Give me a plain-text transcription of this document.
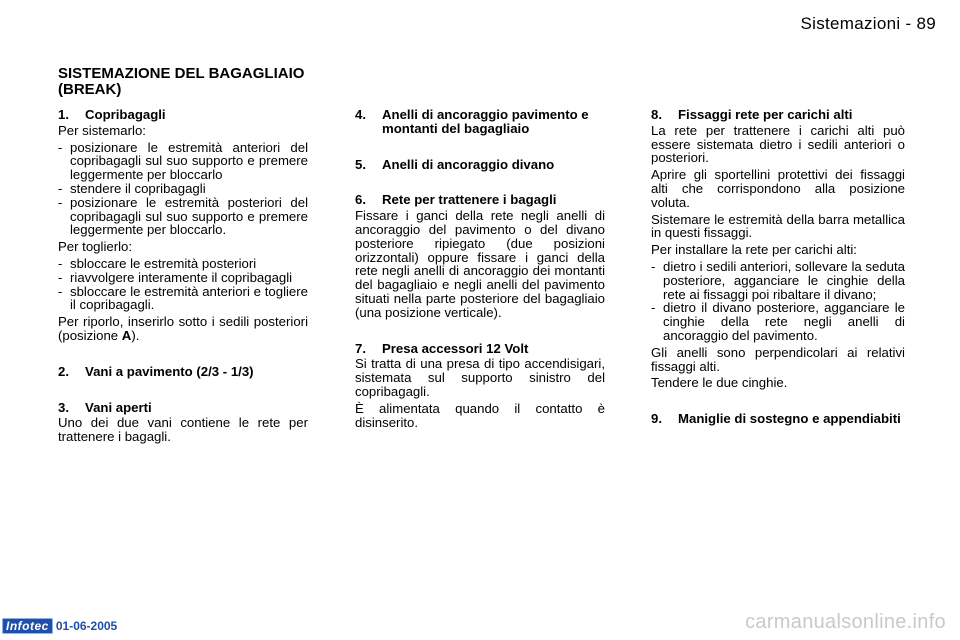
Sistemazioni - 89
SISTEMAZIONE DEL BAGAGLIAIO (BREAK)
1.	Copribagagli

Per sistemarlo:

- posizionare le estremità anteriori del copribagagli sul suo supporto e premere leggermente per bloccarlo
- stendere il copribagagli
- posizionare le estremità posteriori del copribagagli sul suo supporto e premere leggermente per bloccarlo.

Per toglierlo:

- sbloccare le estremità posteriori
- riavvolgere interamente il copribagagli
- sbloccare le estremità anteriori e togliere il copribagagli.

Per riporlo, inserirlo sotto i sedili posteriori (posizione A).

2.	Vani a pavimento (2/3 - 1/3)
3.	Vani aperti

Uno dei due vani contiene le rete per trattenere i bagagli.

4.	Anelli di ancoraggio pavimento e montanti del bagagliaio
5.	Anelli di ancoraggio divano
6.	Rete per trattenere i bagagli

Fissare i ganci della rete negli anelli di ancoraggio del pavimento o del divano posteriore ripiegato (due posizioni orizzontali) oppure fissare i ganci della rete negli anelli di ancoraggio dei montanti del bagagliaio e negli anelli del pavimento situati nella parte posteriore del bagagliaio (una posizione verticale).

7.	Presa accessori 12 Volt

Si tratta di una presa di tipo accendisigari, sistemata sul supporto sinistro del copribagagli.

È alimentata quando il contatto è disinserito.

8.	Fissaggi rete per carichi alti

La rete per trattenere i carichi alti può essere sistemata dietro i sedili anteriori o posteriori.

Aprire gli sportellini protettivi dei fissaggi alti che corrispondono alla posizione voluta.

Sistemare le estremità della barra metallica in questi fissaggi.

Per installare la rete per carichi alti:

- dietro i sedili anteriori, sollevare la seduta posteriore, agganciare le cinghie della rete ai fissaggi poi ribaltare il divano;
- dietro il divano posteriore, agganciare le cinghie della rete negli anelli di ancoraggio del pavimento.

Gli anelli sono perpendicolari ai relativi fissaggi alti.

Tendere le due cinghie.

9.	Maniglie di sostegno e appendiabiti
Infotec 01-06-2005	carmanualsonline.info
